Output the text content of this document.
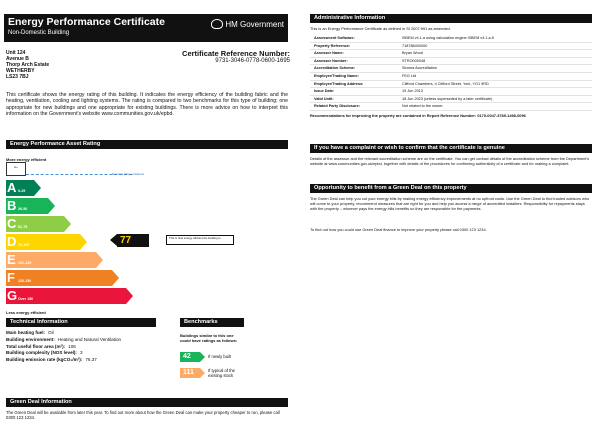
Energy Performance Certificate
Non-Domestic Building
HM Government
Unit 124
Avenue B
Thorp Arch Estate
WETHERBY
LS23 7BJ
Certificate Reference Number:
9731-3046-0778-0600-1695
This certificate shows the energy rating of this building. It indicates the energy efficiency of the building fabric and the heating, ventilation, cooling and lighting systems. The rating is compared to two benchmarks for this type of building: one appropriate for new buildings and one appropriate for existing buildings. There is more advice on how to interpret this information on the Government's website www.communities.gov.uk/epbd.
Energy Performance Asset Rating
More energy efficient
A+
Net zero CO₂ emissions
A 0-25
B 26-50
C 51-75
D 76-100
E 101-125
F 126-150
G Over 150
77	This is how energy efficient the building is.
Less energy efficient
Technical Information
Main heating fuel: Oil
Building environment: Heating and Natural Ventilation
Total useful floor area (m²): 106
Building complexity (NOS level): 3
Building emission rate (kgCO₂/m²): 76.37
Benchmarks
Buildings similar to this one could have ratings as follows:
42	If newly built
111	If typical of the existing stock
Green Deal Information
The Green Deal will be available from later this year. To find out more about how the Green Deal can make your property cheaper to run, please call 0300 123 1234.
Administrative Information
This is an Energy Performance Certificate as defined in SI 2007:991 as amended.
Assessment Software:	iSBEM v4.1.a using calculation engine iSBEM v4.1.a.5
Property Reference:	718788400000
Assessor Name:	Bryan Wood
Assessor Number:	STRO000048
Accreditation Scheme:	Stroma Accreditation
Employer/Trading Name:	FEG Ltd
Employer/Trading Address:	Clifford Chambers, 4 Clifford Street, York, YO1 9RD
Issue Date:	19 Jun 2013
Valid Until:	18 Jun 2023 (unless superseded by a later certificate)
Related Party Disclosure:	Not related to the owner.
Recommendations for improving the property are contained in Report Reference Number: 0170-0047-3789-1498-0096
If you have a complaint or wish to confirm that the certificate is genuine
Details of the assessor and the relevant accreditation scheme are on the certificate. You can get contact details of the accreditation scheme from the Department's website at www.communities.gov.uk/epbd, together with details of the procedures for confirming authenticity of a certificate and for making a complaint.
Opportunity to benefit from a Green Deal on this property
The Green Deal can help you cut your energy bills by making energy efficiency improvements at no upfront costs. Use the Green Deal to find trusted advisors who will come to your property, recommend measures that are right for you and help you access a range of accredited installers. Responsibility for repayments stays with the property – whoever pays the energy bills benefits so they are responsible for the payments.
To find out how you could use Green Deal finance to improve your property please call 0300 123 1234.
